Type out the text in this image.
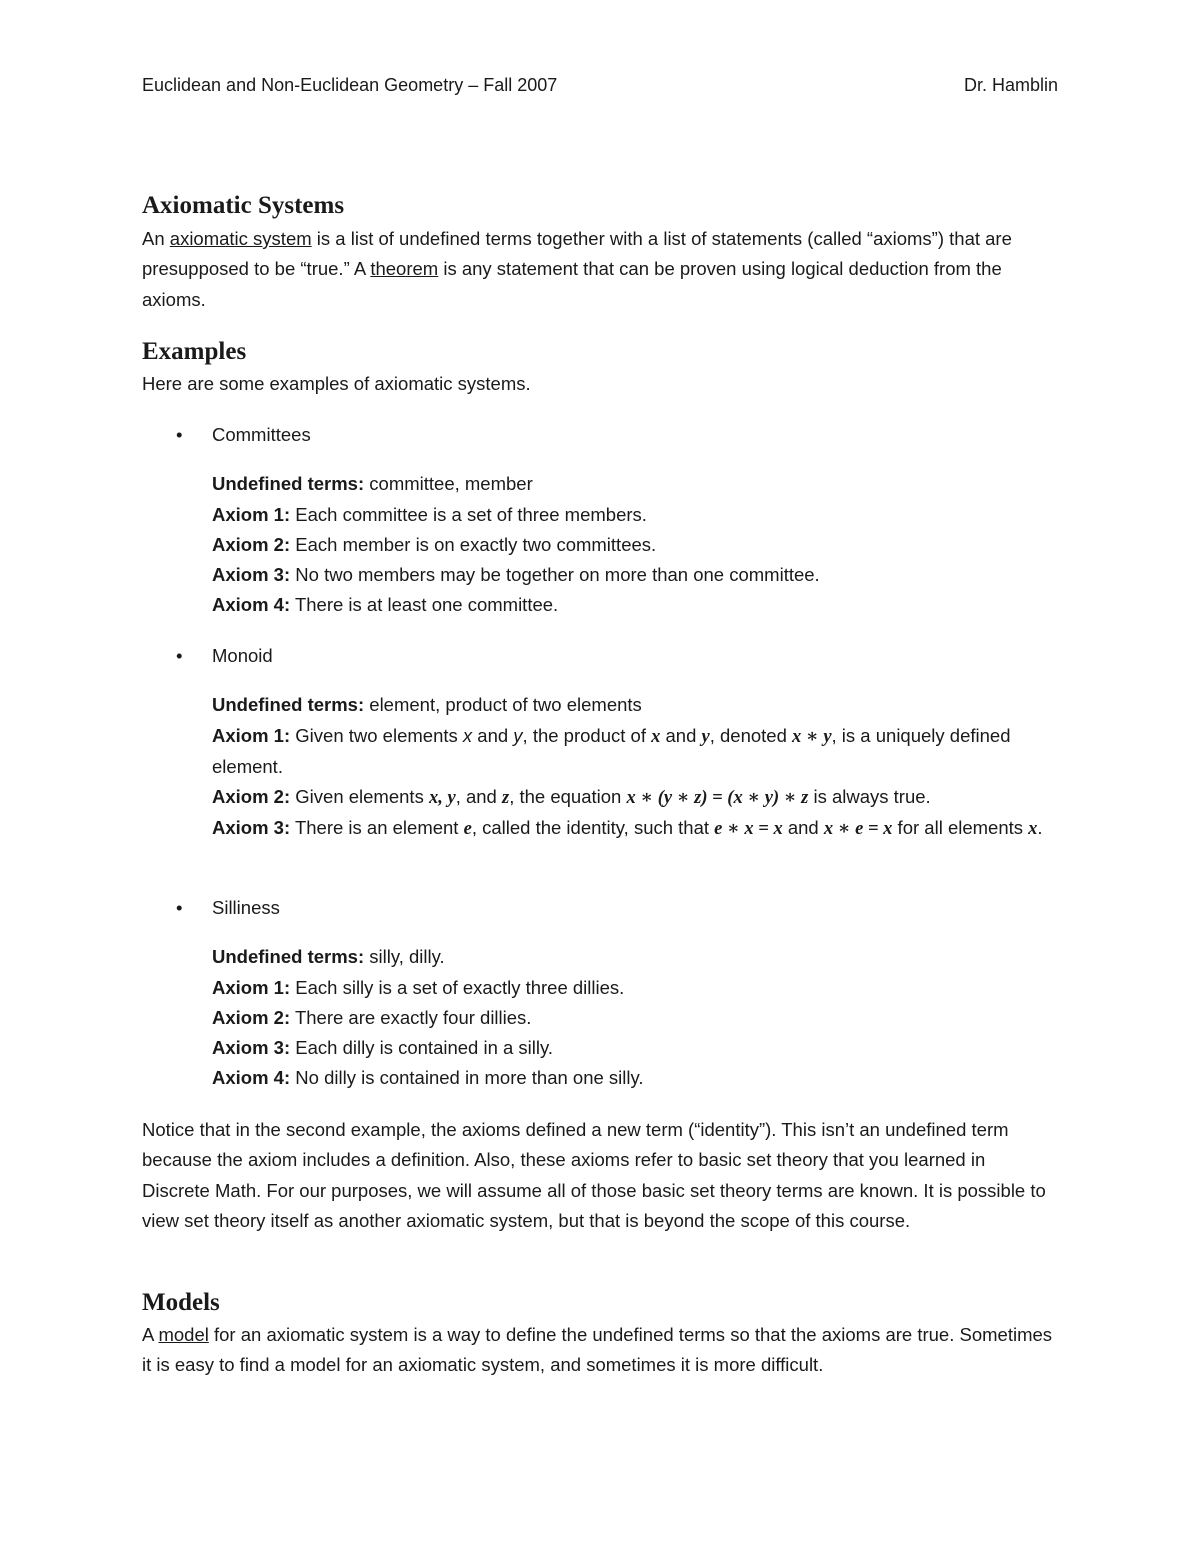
Euclidean and Non-Euclidean Geometry – Fall 2007	Dr. Hamblin
Axiomatic Systems

An axiomatic system is a list of undefined terms together with a list of statements (called “axioms”) that are presupposed to be “true.” A theorem is any statement that can be proven using logical deduction from the axioms.

Examples

Here are some examples of axiomatic systems.

• Committees

Undefined terms: committee, member

Axiom 1: Each committee is a set of three members.

Axiom 2: Each member is on exactly two committees.

Axiom 3: No two members may be together on more than one committee.

Axiom 4: There is at least one committee.

• Monoid

Undefined terms: element, product of two elements

Axiom 1: Given two elements x and y, the product of x and y, denoted x ∗ y, is a uniquely defined element.

Axiom 2: Given elements x, y, and z, the equation x ∗ (y ∗ z) = (x ∗ y) ∗ z is always true.

Axiom 3: There is an element e, called the identity, such that e ∗ x = x and x ∗ e = x for all elements x.

• Silliness

Undefined terms: silly, dilly.

Axiom 1: Each silly is a set of exactly three dillies.

Axiom 2: There are exactly four dillies.

Axiom 3: Each dilly is contained in a silly.

Axiom 4: No dilly is contained in more than one silly.

Notice that in the second example, the axioms defined a new term (“identity”). This isn’t an undefined term because the axiom includes a definition. Also, these axioms refer to basic set theory that you learned in Discrete Math. For our purposes, we will assume all of those basic set theory terms are known. It is possible to view set theory itself as another axiomatic system, but that is beyond the scope of this course.

Models

A model for an axiomatic system is a way to define the undefined terms so that the axioms are true. Sometimes it is easy to find a model for an axiomatic system, and sometimes it is more difficult.
